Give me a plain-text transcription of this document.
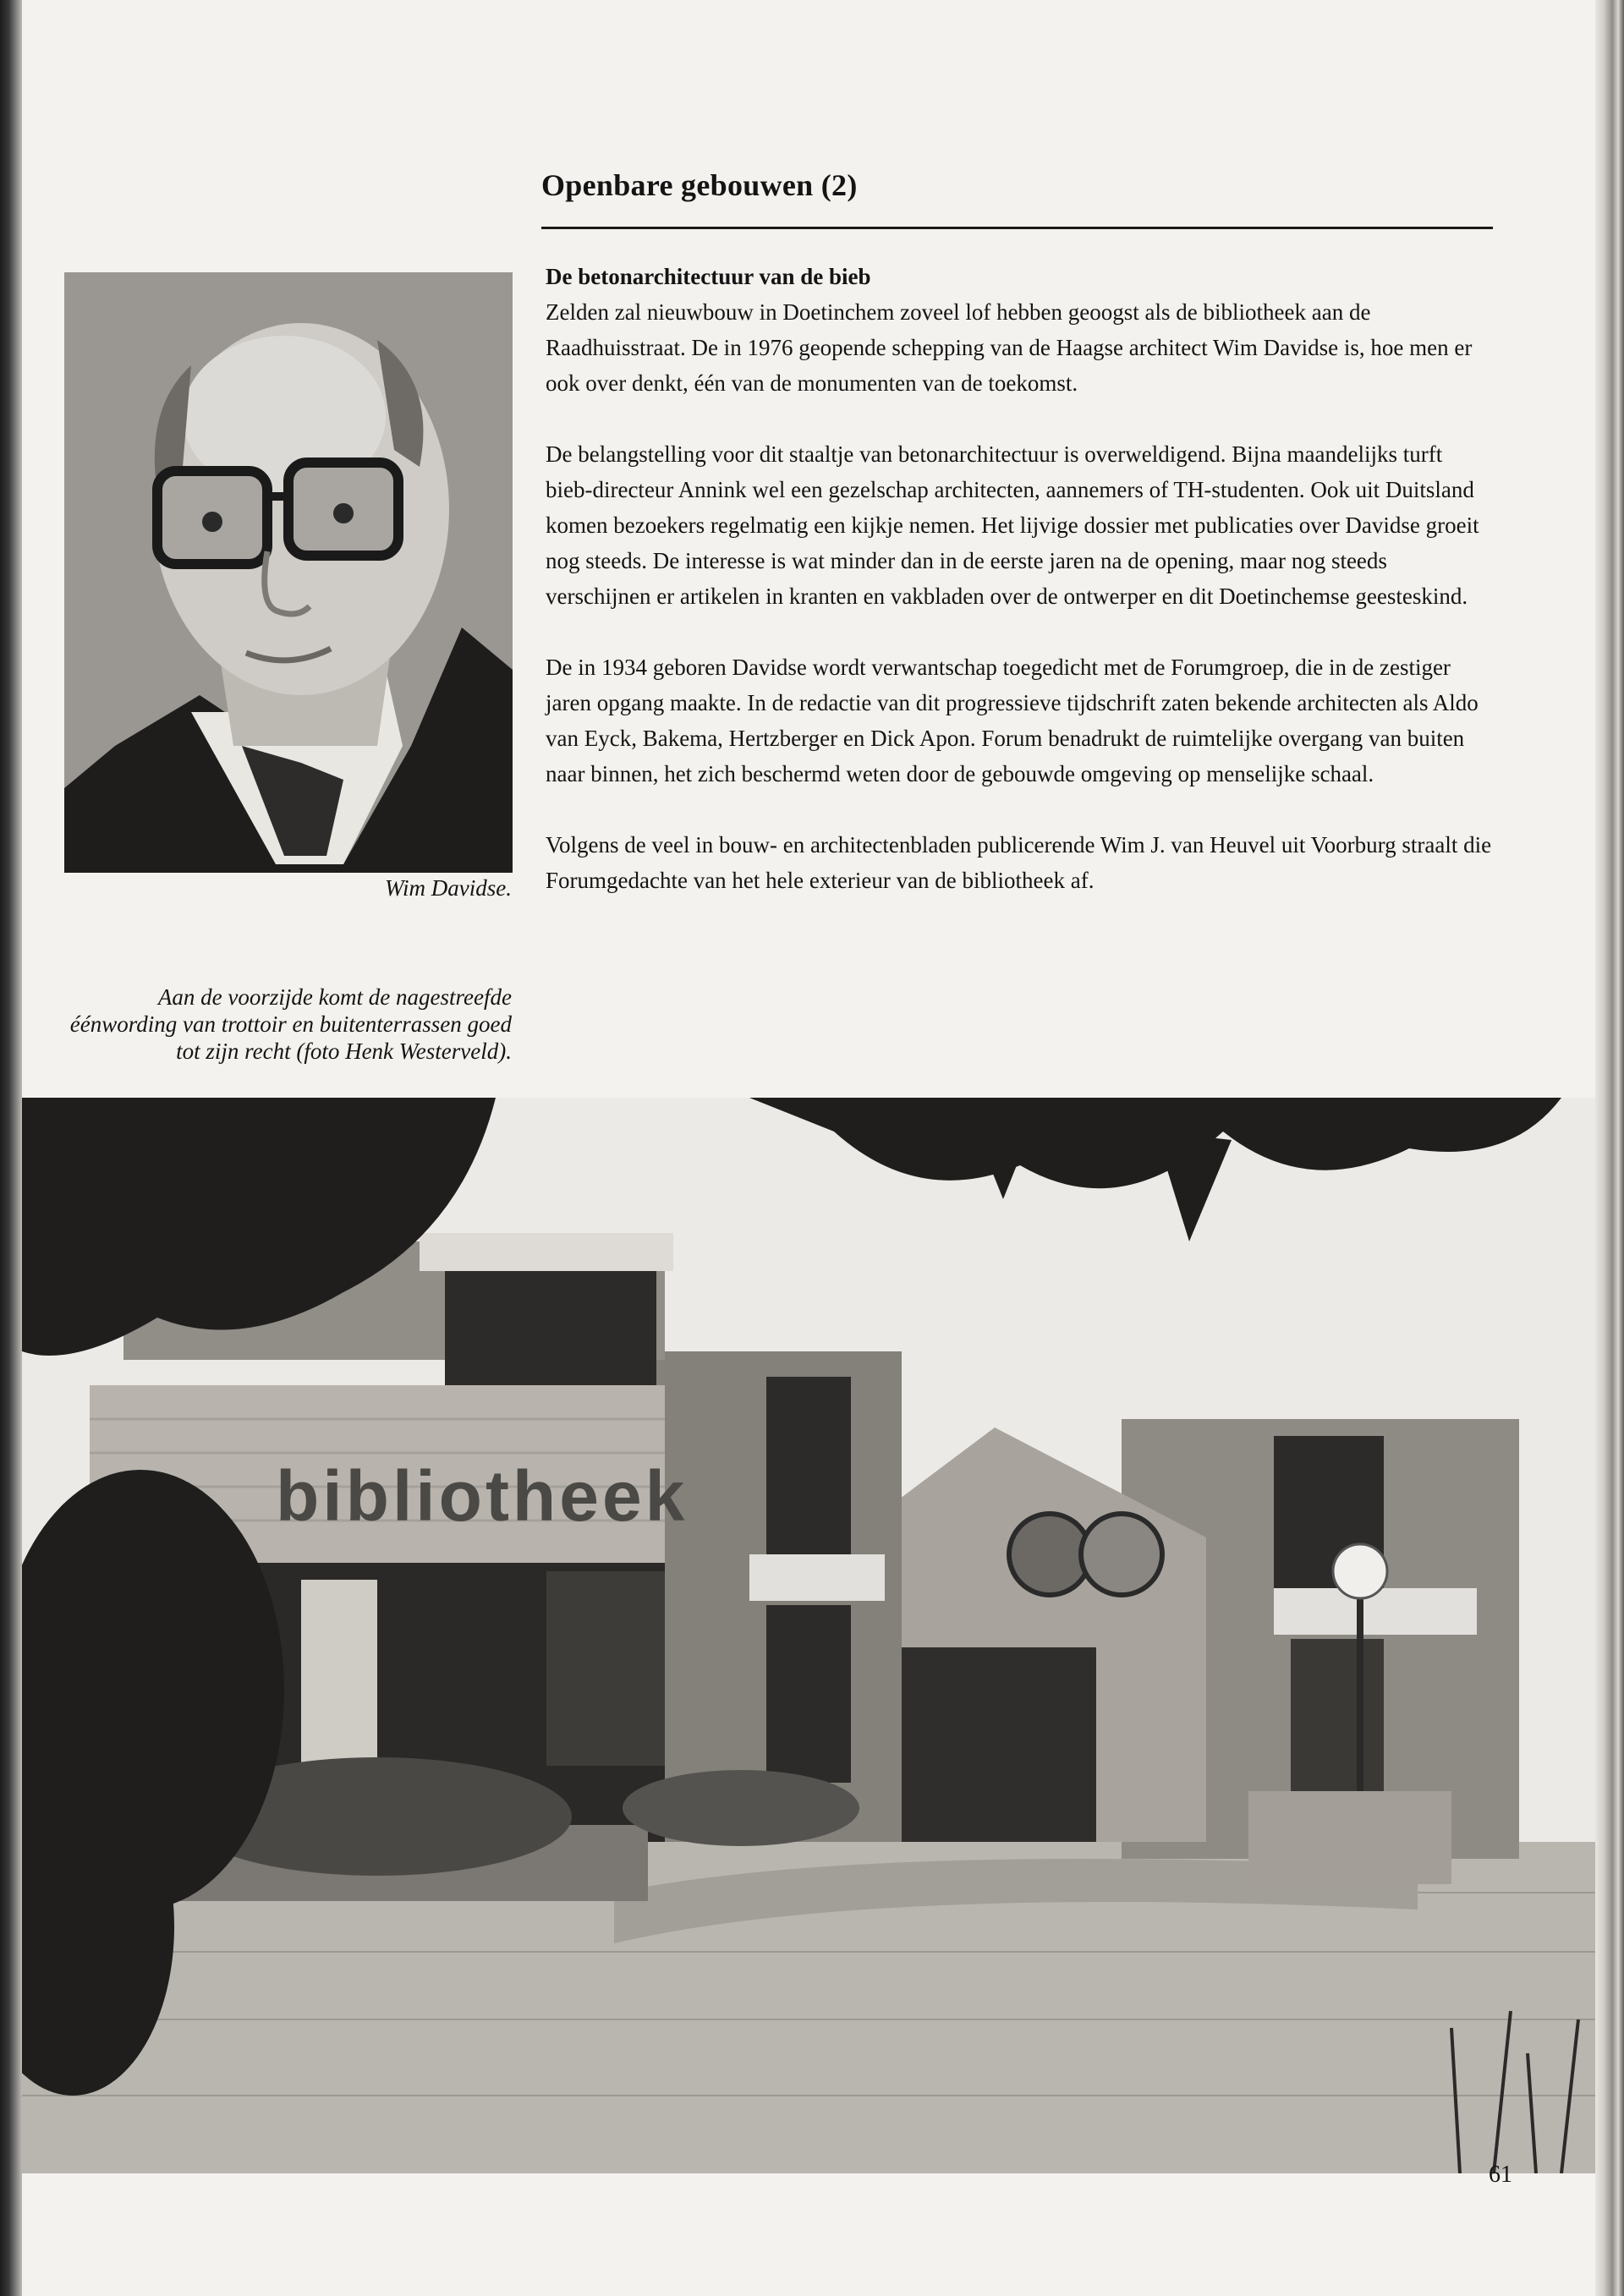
Openbare gebouwen (2)

De betonarchitectuur van de bieb

Zelden zal nieuwbouw in Doetinchem zoveel lof hebben geoogst als de bibliotheek aan de Raadhuisstraat. De in 1976 geopende schepping van de Haagse architect Wim Davidse is, hoe men er ook over denkt, één van de monumenten van de toekomst.

De belangstelling voor dit staaltje van betonarchitectuur is overweldigend. Bijna maandelijks turft bieb-directeur Annink wel een gezelschap architecten, aannemers of TH-studenten. Ook uit Duitsland komen bezoekers regelmatig een kijkje nemen. Het lijvige dossier met publicaties over Davidse groeit nog steeds. De interesse is wat minder dan in de eerste jaren na de opening, maar nog steeds verschijnen er artikelen in kranten en vakbladen over de ontwerper en dit Doetinchemse geesteskind.

De in 1934 geboren Davidse wordt verwantschap toegedicht met de Forumgroep, die in de zestiger jaren opgang maakte. In de redactie van dit progressieve tijdschrift zaten bekende architecten als Aldo van Eyck, Bakema, Hertzberger en Dick Apon. Forum benadrukt de ruimtelijke overgang van buiten naar binnen, het zich beschermd weten door de gebouwde omgeving op menselijke schaal.

Volgens de veel in bouw- en architectenbladen publicerende Wim J. van Heuvel uit Voorburg straalt die Forumgedachte van het hele exterieur van de bibliotheek af.

Wim Davidse.
Aan de voorzijde komt de nagestreefde éénwording van trottoir en buitenterrassen goed tot zijn recht (foto Henk Westerveld).
bibliotheek
61
